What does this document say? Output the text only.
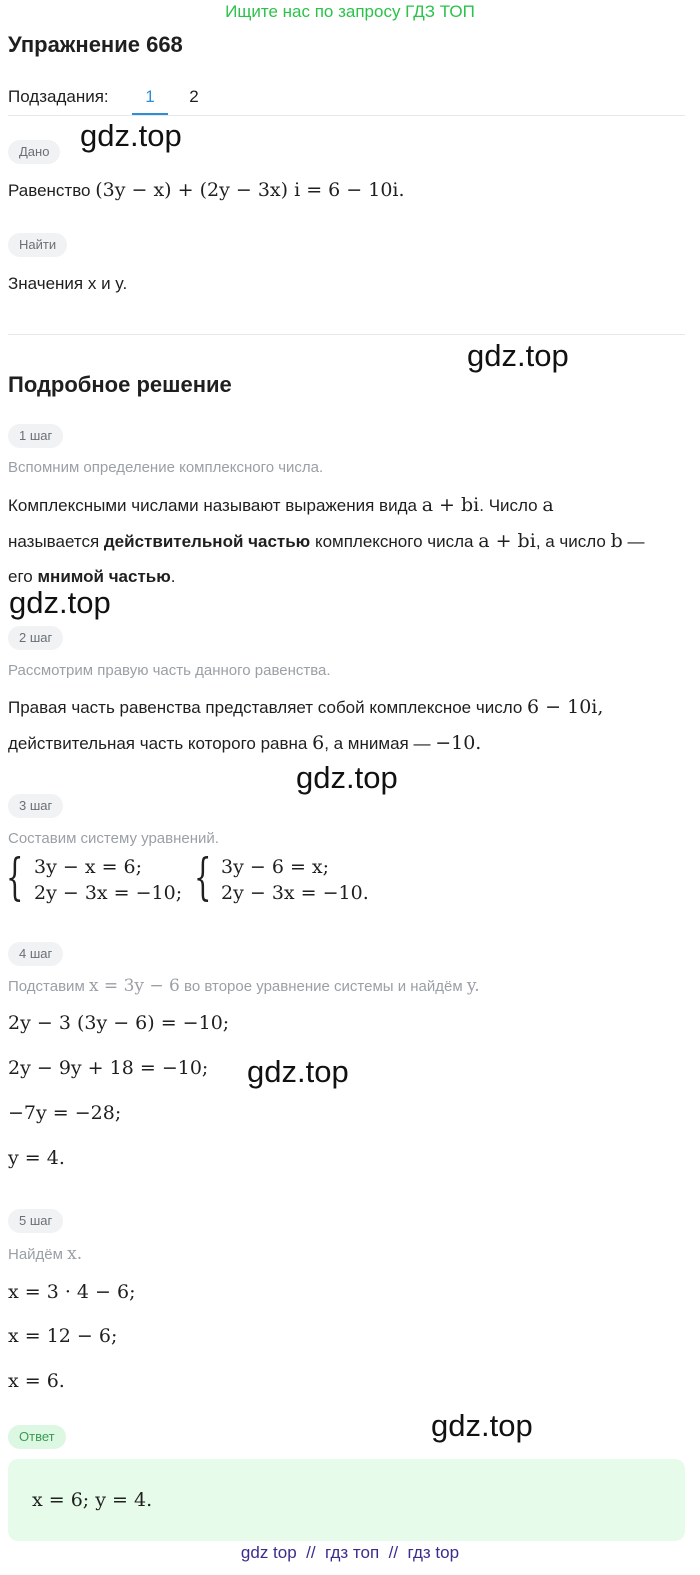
Ищите нас по запросу ГДЗ ТОП
Упражнение 668
Подзадания:	1	2
Дано
Равенство (3y − x) + (2y − 3x) i = 6 − 10i.
Найти
Значения x и y.
Подробное решение
1 шаг
Вспомним определение комплексного числа.
Комплексными числами называют выражения вида a + bi. Число a
называется действительной частью комплексного числа a + bi, а число b —
его мнимой частью.
2 шаг
Рассмотрим правую часть данного равенства.
Правая часть равенства представляет собой комплексное число 6 − 10i,
действительная часть которого равна 6, а мнимая — −10.
3 шаг
Составим систему уравнений.
{ 3y − x = 6;
2y − 3x = −10; { 3y − 6 = x;
2y − 3x = −10.
4 шаг
Подставим x = 3y − 6 во второе уравнение системы и найдём y.
2y − 3 (3y − 6) = −10;
2y − 9y + 18 = −10;
−7y = −28;
y = 4.
5 шаг
Найдём x.
x = 3 · 4 − 6;
x = 12 − 6;
x = 6.
Ответ
x = 6; y = 4.
gdz.top
gdz.top
gdz.top
gdz.top
gdz.top
gdz.top
gdz top // гдз топ // гдз top
